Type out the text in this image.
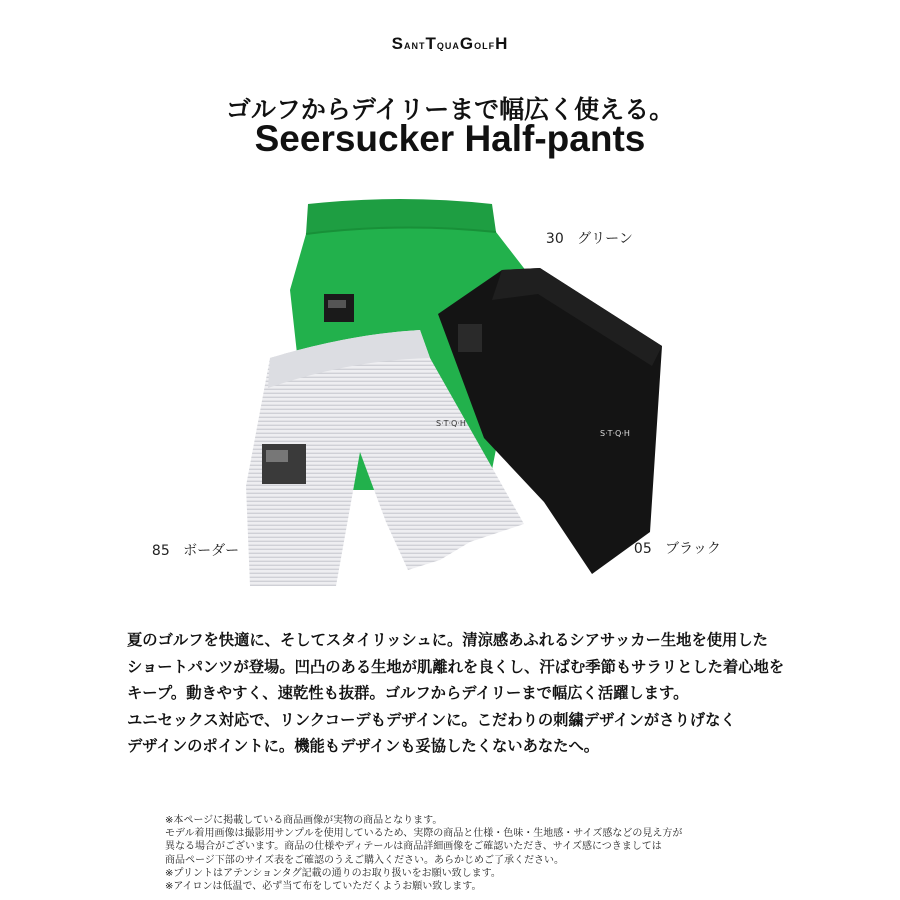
SANTTQUAGOLFH
ゴルフからデイリーまで幅広く使える。
Seersucker Half-pants
S·T·Q·H
S·T·Q·H

30 グリーン

05 ブラック

85 ボーダー

夏のゴルフを快適に、そしてスタイリッシュに。清涼感あふれるシアサッカー生地を使用した

ショートパンツが登場。凹凸のある生地が肌離れを良くし、汗ばむ季節もサラリとした着心地を

キープ。動きやすく、速乾性も抜群。ゴルフからデイリーまで幅広く活躍します。

ユニセックス対応で、リンクコーデもデザインに。こだわりの刺繍デザインがさりげなく

デザインのポイントに。機能もデザインも妥協したくないあなたへ。

※本ページに掲載している商品画像が実物の商品となります。

モデル着用画像は撮影用サンプルを使用しているため、実際の商品と仕様・色味・生地感・サイズ感などの見え方が

異なる場合がございます。商品の仕様やディテールは商品詳細画像をご確認いただき、サイズ感につきましては

商品ページ下部のサイズ表をご確認のうえご購入ください。あらかじめご了承ください。

※プリントはアテンションタグ記載の通りのお取り扱いをお願い致します。

※アイロンは低温で、必ず当て布をしていただくようお願い致します。
